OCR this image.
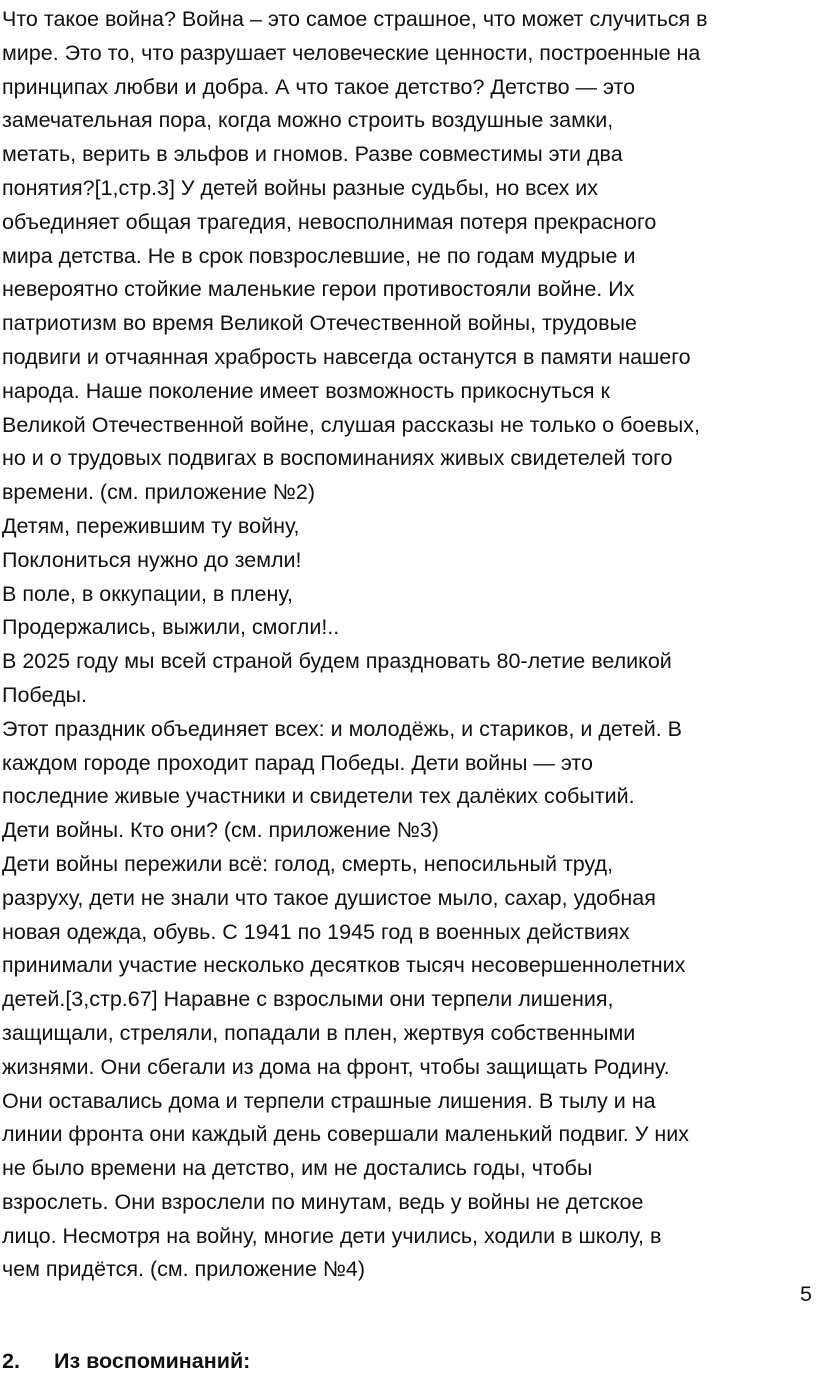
Что такое война? Война – это самое страшное, что может случиться в
мире. Это то, что разрушает человеческие ценности, построенные на
принципах любви и добра. А что такое детство? Детство — это
замечательная пора, когда можно строить воздушные замки,
метать, верить в эльфов и гномов. Разве совместимы эти два
понятия?[1,стр.3] У детей войны разные судьбы, но всех их
объединяет общая трагедия, невосполнимая потеря прекрасного
мира детства. Не в срок повзрослевшие, не по годам мудрые и
невероятно стойкие маленькие герои противостояли войне. Их
патриотизм во время Великой Отечественной войны, трудовые
подвиги и отчаянная храбрость навсегда останутся в памяти нашего
народа. Наше поколение имеет возможность прикоснуться к
Великой Отечественной войне, слушая рассказы не только о боевых,
но и о трудовых подвигах в воспоминаниях живых свидетелей того
времени. (см. приложение №2)
Детям, пережившим ту войну,
Поклониться нужно до земли!
В поле, в оккупации, в плену,
Продержались, выжили, смогли!..
В 2025 году мы всей страной будем праздновать 80-летие великой
Победы.
Этот праздник объединяет всех: и молодёжь, и стариков, и детей. В
каждом городе проходит парад Победы. Дети войны — это
последние живые участники и свидетели тех далёких событий.
Дети войны. Кто они? (см. приложение №3)
Дети войны пережили всё: голод, смерть, непосильный труд,
разруху, дети не знали что такое душистое мыло, сахар, удобная
новая одежда, обувь. С 1941 по 1945 год в военных действиях
принимали участие несколько десятков тысяч несовершеннолетних
детей.[3,стр.67] Наравне с взрослыми они терпели лишения,
защищали, стреляли, попадали в плен, жертвуя собственными
жизнями. Они сбегали из дома на фронт, чтобы защищать Родину.
Они оставались дома и терпели страшные лишения. В тылу и на
линии фронта они каждый день совершали маленький подвиг. У них
не было времени на детство, им не достались годы, чтобы
взрослеть. Они взрослели по минутам, ведь у войны не детское
лицо. Несмотря на войну, многие дети учились, ходили в школу, в
чем придётся. (см. приложение №4)
5
2. Из воспоминаний:
